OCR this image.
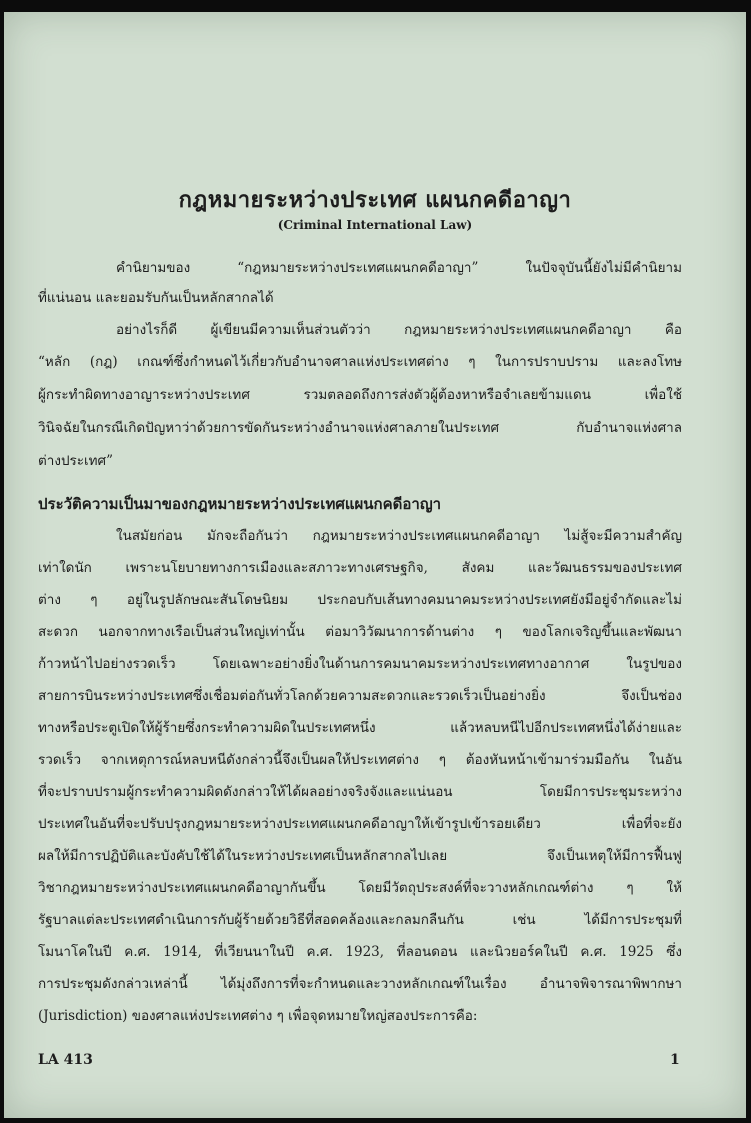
กฎหมายระหว่างประเทศ แผนกคดีอาญา
(Criminal International Law)
คำนิยามของ “กฎหมายระหว่างประเทศแผนกคดีอาญา” ในปัจจุบันนี้ยังไม่มีคำนิยาม
ที่แน่นอน และยอมรับกันเป็นหลักสากลได้
อย่างไรก็ดี ผู้เขียนมีความเห็นส่วนตัวว่า กฎหมายระหว่างประเทศแผนกคดีอาญา คือ
“หลัก (กฎ) เกณฑ์ซึ่งกำหนดไว้เกี่ยวกับอำนาจศาลแห่งประเทศต่าง ๆ ในการปราบปราม และลงโทษ
ผู้กระทำผิดทางอาญาระหว่างประเทศ รวมตลอดถึงการส่งตัวผู้ต้องหาหรือจำเลยข้ามแดน เพื่อใช้
วินิจฉัยในกรณีเกิดปัญหาว่าด้วยการขัดกันระหว่างอำนาจแห่งศาลภายในประเทศ กับอำนาจแห่งศาล
ต่างประเทศ”
ประวัติความเป็นมาของกฎหมายระหว่างประเทศแผนกคดีอาญา
ในสมัยก่อน มักจะถือกันว่า กฎหมายระหว่างประเทศแผนกคดีอาญา ไม่สู้จะมีความสำคัญ
เท่าใดนัก เพราะนโยบายทางการเมืองและสภาวะทางเศรษฐกิจ, สังคม และวัฒนธรรมของประเทศ
ต่าง ๆ อยู่ในรูปลักษณะสันโดษนิยม ประกอบกับเส้นทางคมนาคมระหว่างประเทศยังมีอยู่จำกัดและไม่
สะดวก นอกจากทางเรือเป็นส่วนใหญ่เท่านั้น ต่อมาวิวัฒนาการด้านต่าง ๆ ของโลกเจริญขึ้นและพัฒนา
ก้าวหน้าไปอย่างรวดเร็ว โดยเฉพาะอย่างยิ่งในด้านการคมนาคมระหว่างประเทศทางอากาศ ในรูปของ
สายการบินระหว่างประเทศซึ่งเชื่อมต่อกันทั่วโลกด้วยความสะดวกและรวดเร็วเป็นอย่างยิ่ง จึงเป็นช่อง
ทางหรือประตูเปิดให้ผู้ร้ายซึ่งกระทำความผิดในประเทศหนึ่ง แล้วหลบหนีไปอีกประเทศหนึ่งได้ง่ายและ
รวดเร็ว จากเหตุการณ์หลบหนีดังกล่าวนี้จึงเป็นผลให้ประเทศต่าง ๆ ต้องหันหน้าเข้ามาร่วมมือกัน ในอัน
ที่จะปราบปรามผู้กระทำความผิดดังกล่าวให้ได้ผลอย่างจริงจังและแน่นอน โดยมีการประชุมระหว่าง
ประเทศในอันที่จะปรับปรุงกฎหมายระหว่างประเทศแผนกคดีอาญาให้เข้ารูปเข้ารอยเดียว เพื่อที่จะยัง
ผลให้มีการปฏิบัติและบังคับใช้ได้ในระหว่างประเทศเป็นหลักสากลไปเลย จึงเป็นเหตุให้มีการฟื้นฟู
วิชากฎหมายระหว่างประเทศแผนกคดีอาญากันขึ้น โดยมีวัตถุประสงค์ที่จะวางหลักเกณฑ์ต่าง ๆ ให้
รัฐบาลแต่ละประเทศดำเนินการกับผู้ร้ายด้วยวิธีที่สอดคล้องและกลมกลืนกัน เช่น ได้มีการประชุมที่
โมนาโคในปี ค.ศ. 1914, ที่เวียนนาในปี ค.ศ. 1923, ที่ลอนดอน และนิวยอร์คในปี ค.ศ. 1925 ซึ่ง
การประชุมดังกล่าวเหล่านี้ ได้มุ่งถึงการที่จะกำหนดและวางหลักเกณฑ์ในเรื่อง อำนาจพิจารณาพิพากษา
(Jurisdiction) ของศาลแห่งประเทศต่าง ๆ เพื่อจุดหมายใหญ่สองประการคือ:
LA 413	1
